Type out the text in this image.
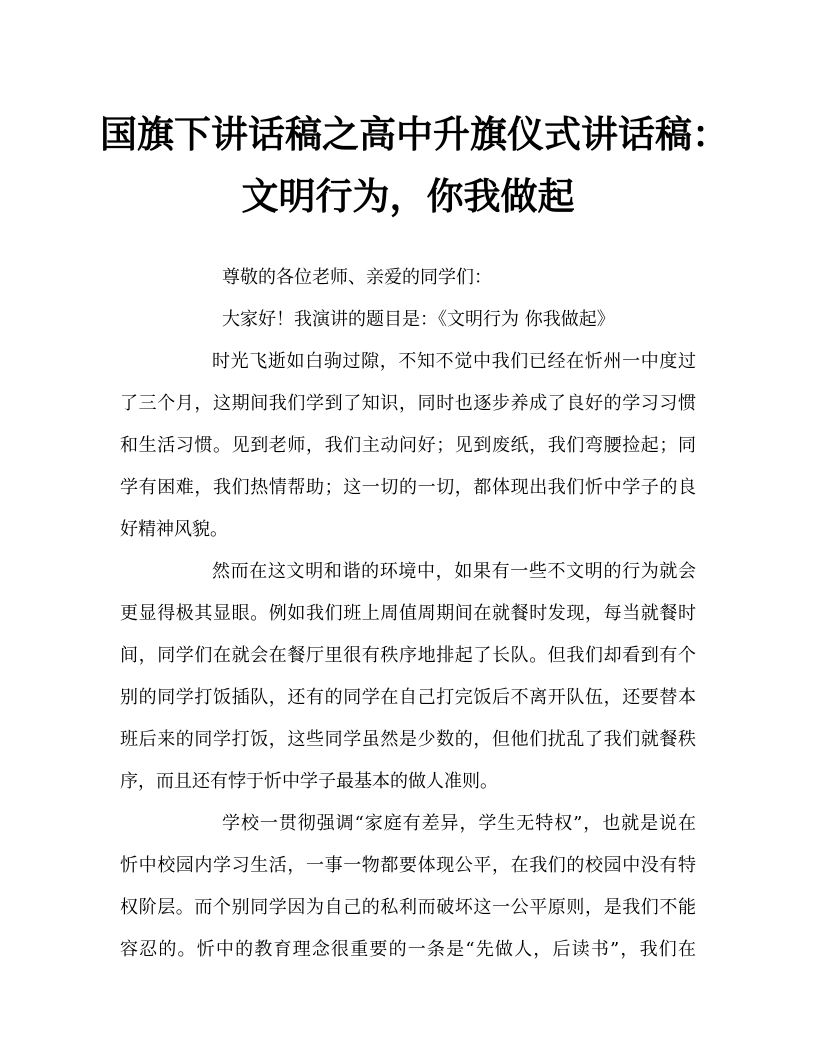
国旗下讲话稿之高中升旗仪式讲话稿：
文明行为，你我做起
尊敬的各位老师、亲爱的同学们：
大家好！我演讲的题目是：《文明行为 你我做起》
时光飞逝如白驹过隙，不知不觉中我们已经在忻州一中度过
了三个月，这期间我们学到了知识，同时也逐步养成了良好的学习习惯
和生活习惯。见到老师，我们主动问好；见到废纸，我们弯腰捡起；同
学有困难，我们热情帮助；这一切的一切，都体现出我们忻中学子的良
好精神风貌。
然而在这文明和谐的环境中，如果有一些不文明的行为就会
更显得极其显眼。例如我们班上周值周期间在就餐时发现，每当就餐时
间，同学们在就会在餐厅里很有秩序地排起了长队。但我们却看到有个
别的同学打饭插队，还有的同学在自己打完饭后不离开队伍，还要替本
班后来的同学打饭，这些同学虽然是少数的，但他们扰乱了我们就餐秩
序，而且还有悖于忻中学子最基本的做人准则。
学校一贯彻强调“家庭有差异，学生无特权”，也就是说在
忻中校园内学习生活，一事一物都要体现公平，在我们的校园中没有特
权阶层。而个别同学因为自己的私利而破坏这一公平原则，是我们不能
容忍的。忻中的教育理念很重要的一条是“先做人，后读书”，我们在
